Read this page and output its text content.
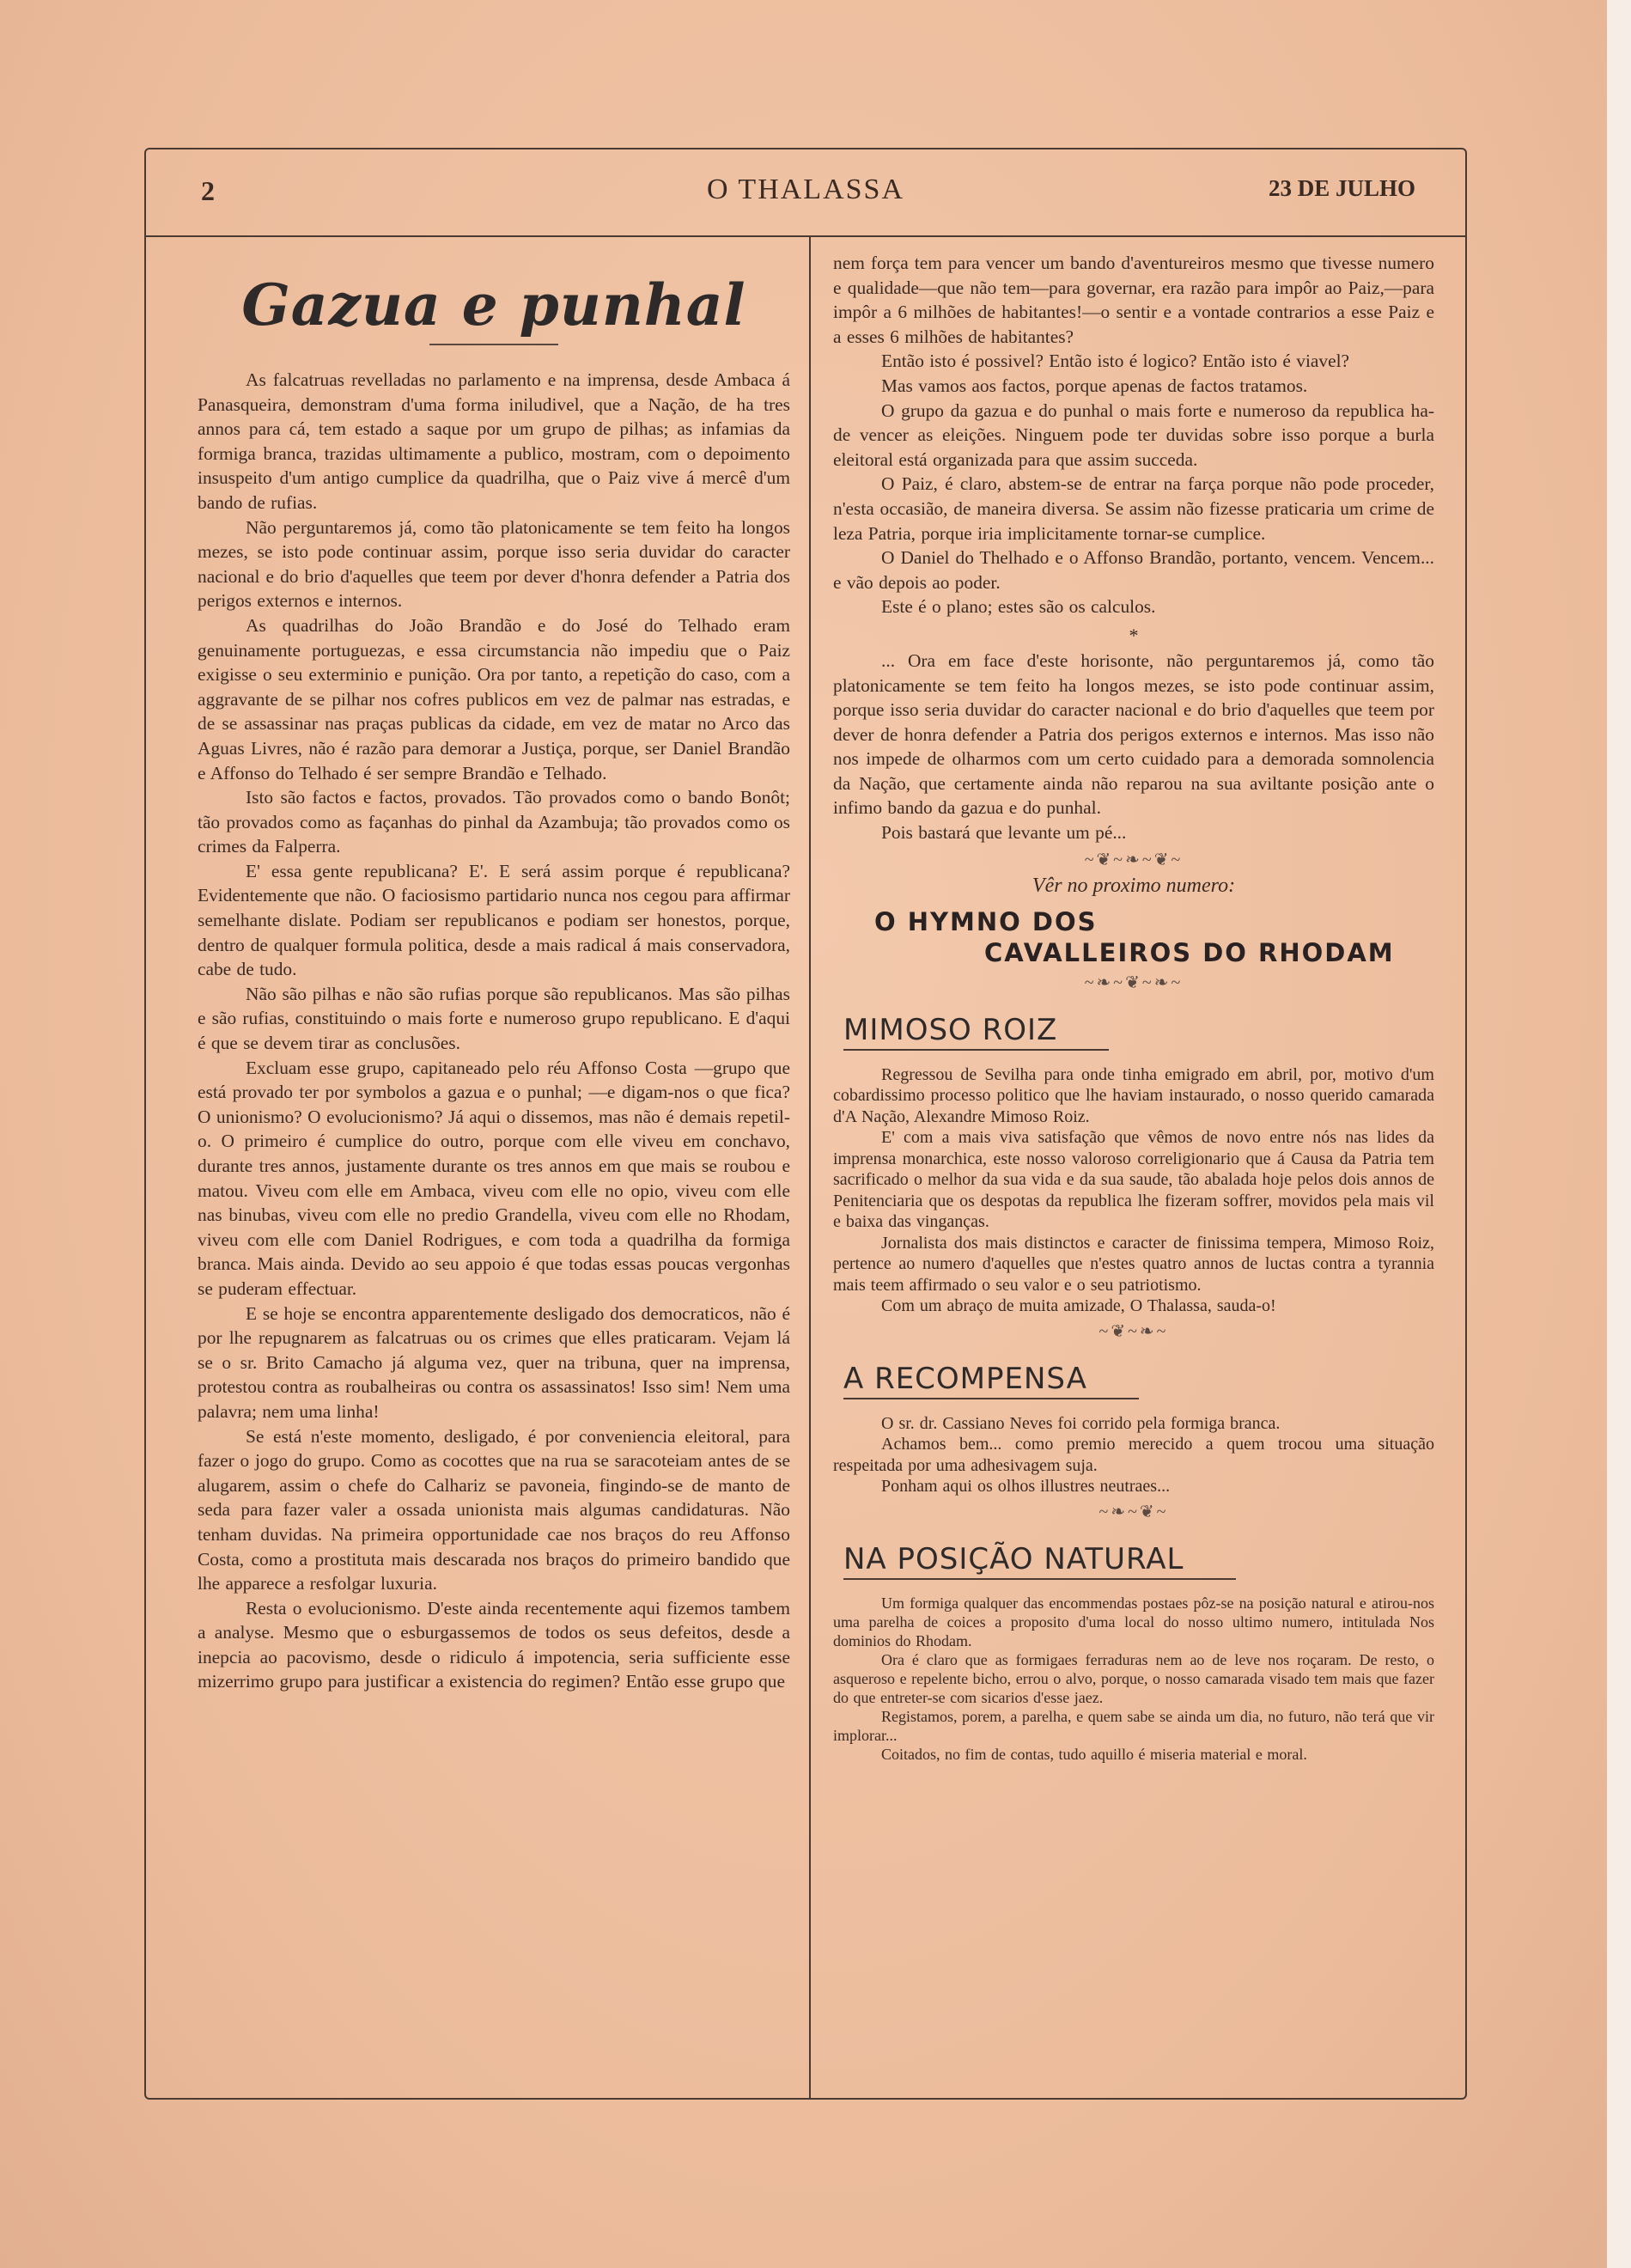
2	O THALASSA	23 DE JULHO
Gazua e punhal

As falcatruas revelladas no parlamento e na imprensa, desde Ambaca á Panasqueira, demonstram d'uma forma iniludivel, que a Nação, de ha tres annos para cá, tem estado a saque por um grupo de pilhas; as infamias da formiga branca, trazidas ultimamente a publico, mostram, com o depoimento insuspeito d'um antigo cumplice da quadrilha, que o Paiz vive á mercê d'um bando de rufias.

Não perguntaremos já, como tão platonicamente se tem feito ha longos mezes, se isto pode continuar assim, porque isso seria duvidar do caracter nacional e do brio d'aquelles que teem por dever d'honra defender a Patria dos perigos externos e internos.

As quadrilhas do João Brandão e do José do Telhado eram genuinamente portuguezas, e essa circumstancia não impediu que o Paiz exigisse o seu exterminio e punição. Ora por tanto, a repetição do caso, com a aggravante de se pilhar nos cofres publicos em vez de palmar nas estradas, e de se assassinar nas praças publicas da cidade, em vez de matar no Arco das Aguas Livres, não é razão para demorar a Justiça, porque, ser Daniel Brandão e Affonso do Telhado é ser sempre Brandão e Telhado.

Isto são factos e factos, provados. Tão provados como o bando Bonôt; tão provados como as façanhas do pinhal da Azambuja; tão provados como os crimes da Falperra.

E' essa gente republicana? E'. E será assim porque é republicana? Evidentemente que não. O faciosismo partidario nunca nos cegou para affirmar semelhante dislate. Podiam ser republicanos e podiam ser honestos, porque, dentro de qualquer formula politica, desde a mais radical á mais conservadora, cabe de tudo.

Não são pilhas e não são rufias porque são republicanos. Mas são pilhas e são rufias, constituindo o mais forte e numeroso grupo republicano. E d'aqui é que se devem tirar as conclusões.

Excluam esse grupo, capitaneado pelo réu Affonso Costa —grupo que está provado ter por symbolos a gazua e o punhal; —e digam-nos o que fica? O unionismo? O evolucionismo? Já aqui o dissemos, mas não é demais repetil-o. O primeiro é cumplice do outro, porque com elle viveu em conchavo, durante tres annos, justamente durante os tres annos em que mais se roubou e matou. Viveu com elle em Ambaca, viveu com elle no opio, viveu com elle nas binubas, viveu com elle no predio Grandella, viveu com elle no Rhodam, viveu com elle com Daniel Rodrigues, e com toda a quadrilha da formiga branca. Mais ainda. Devido ao seu appoio é que todas essas poucas vergonhas se puderam effectuar.

E se hoje se encontra apparentemente desligado dos democraticos, não é por lhe repugnarem as falcatruas ou os crimes que elles praticaram. Vejam lá se o sr. Brito Camacho já alguma vez, quer na tribuna, quer na imprensa, protestou contra as roubalheiras ou contra os assassinatos! Isso sim! Nem uma palavra; nem uma linha!

Se está n'este momento, desligado, é por conveniencia eleitoral, para fazer o jogo do grupo. Como as cocottes que na rua se saracoteiam antes de se alugarem, assim o chefe do Calhariz se pavoneia, fingindo-se de manto de seda para fazer valer a ossada unionista mais algumas candidaturas. Não tenham duvidas. Na primeira opportunidade cae nos braços do reu Affonso Costa, como a prostituta mais descarada nos braços do primeiro bandido que lhe apparece a resfolgar luxuria.

Resta o evolucionismo. D'este ainda recentemente aqui fizemos tambem a analyse. Mesmo que o esburgassemos de todos os seus defeitos, desde a inepcia ao pacovismo, desde o ridiculo á impotencia, seria sufficiente esse mizerrimo grupo para justificar a existencia do regimen? Então esse grupo que

nem força tem para vencer um bando d'aventureiros mesmo que tivesse numero e qualidade—que não tem—para governar, era razão para impôr ao Paiz,—para impôr a 6 milhões de habitantes!—o sentir e a vontade contrarios a esse Paiz e a esses 6 milhões de habitantes?

Então isto é possivel? Então isto é logico? Então isto é viavel?

Mas vamos aos factos, porque apenas de factos tratamos.

O grupo da gazua e do punhal o mais forte e numeroso da republica ha-de vencer as eleições. Ninguem pode ter duvidas sobre isso porque a burla eleitoral está organizada para que assim succeda.

O Paiz, é claro, abstem-se de entrar na farça porque não pode proceder, n'esta occasião, de maneira diversa. Se assim não fizesse praticaria um crime de leza Patria, porque iria implicitamente tornar-se cumplice.

O Daniel do Thelhado e o Affonso Brandão, portanto, vencem. Vencem... e vão depois ao poder.

Este é o plano; estes são os calculos.

*

... Ora em face d'este horisonte, não perguntaremos já, como tão platonicamente se tem feito ha longos mezes, se isto pode continuar assim, porque isso seria duvidar do caracter nacional e do brio d'aquelles que teem por dever de honra defender a Patria dos perigos externos e internos. Mas isso não nos impede de olharmos com um certo cuidado para a demorada somnolencia da Nação, que certamente ainda não reparou na sua aviltante posição ante o infimo bando da gazua e do punhal.

Pois bastará que levante um pé...

~❦~❧~❦~
Vêr no proximo numero:
O HYMNO DOS
CAVALLEIROS DO RHODAM
~❧~❦~❧~
MIMOSO ROIZ

Regressou de Sevilha para onde tinha emigrado em abril, por, motivo d'um cobardissimo processo politico que lhe haviam instaurado, o nosso querido camarada d'A Nação, Alexandre Mimoso Roiz.

E' com a mais viva satisfação que vêmos de novo entre nós nas lides da imprensa monarchica, este nosso valoroso correligionario que á Causa da Patria tem sacrificado o melhor da sua vida e da sua saude, tão abalada hoje pelos dois annos de Penitenciaria que os despotas da republica lhe fizeram soffrer, movidos pela mais vil e baixa das vinganças.

Jornalista dos mais distinctos e caracter de finissima tempera, Mimoso Roiz, pertence ao numero d'aquelles que n'estes quatro annos de luctas contra a tyrannia mais teem affirmado o seu valor e o seu patriotismo.

Com um abraço de muita amizade, O Thalassa, sauda-o!

~❦~❧~
A RECOMPENSA

O sr. dr. Cassiano Neves foi corrido pela formiga branca.

Achamos bem... como premio merecido a quem trocou uma situação respeitada por uma adhesivagem suja.

Ponham aqui os olhos illustres neutraes...

~❧~❦~
NA POSIÇÃO NATURAL

Um formiga qualquer das encommendas postaes pôz-se na posição natural e atirou-nos uma parelha de coices a proposito d'uma local do nosso ultimo numero, intitulada Nos dominios do Rhodam.

Ora é claro que as formigaes ferraduras nem ao de leve nos roçaram. De resto, o asqueroso e repelente bicho, errou o alvo, porque, o nosso camarada visado tem mais que fazer do que entreter-se com sicarios d'esse jaez.

Registamos, porem, a parelha, e quem sabe se ainda um dia, no futuro, não terá que vir implorar...

Coitados, no fim de contas, tudo aquillo é miseria material e moral.
